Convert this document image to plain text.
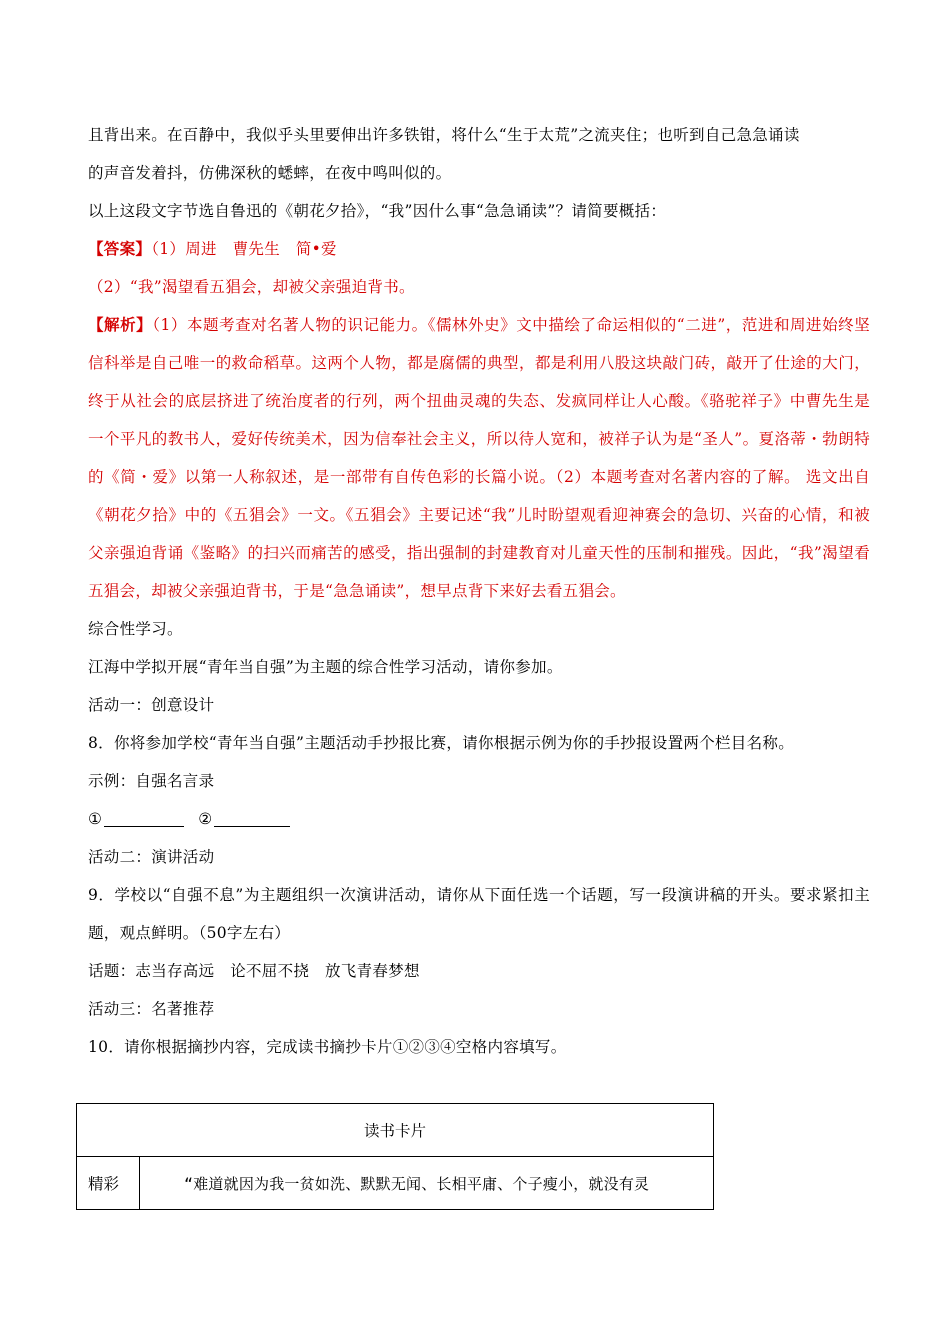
且背出来。在百静中，我似乎头里要伸出许多铁钳，将什么“生于太荒”之流夹住；也听到自己急急诵读

的声音发着抖，仿佛深秋的蟋蟀，在夜中鸣叫似的。

以上这段文字节选自鲁迅的《朝花夕拾》，“我”因什么事“急急诵读”？请简要概括：

【答案】（1）周进　曹先生　简•爱

（2）“我”渴望看五猖会，却被父亲强迫背书。

【解析】（1）本题考查对名著人物的识记能力。《儒林外史》文中描绘了命运相似的“二进”，范进和周进始终坚信科举是自己唯一的救命稻草。这两个人物，都是腐儒的典型，都是利用八股这块敲门砖，敲开了仕途的大门，终于从社会的底层挤进了统治度者的行列，两个扭曲灵魂的失态、发疯同样让人心酸。《骆驼祥子》中曹先生是一个平凡的教书人，爱好传统美术，因为信奉社会主义，所以待人宽和，被祥子认为是“圣人”。夏洛蒂・勃朗特的《简・爱》以第一人称叙述，是一部带有自传色彩的长篇小说。（2）本题考查对名著内容的了解。 选文出自《朝花夕拾》中的《五猖会》一文。《五猖会》主要记述“我”儿时盼望观看迎神赛会的急切、兴奋的心情，和被父亲强迫背诵《鉴略》的扫兴而痛苦的感受，指出强制的封建教育对儿童天性的压制和摧残。因此，“我”渴望看五猖会，却被父亲强迫背书，于是“急急诵读”，想早点背下来好去看五猖会。

综合性学习。

江海中学拟开展“青年当自强”为主题的综合性学习活动，请你参加。

活动一：创意设计

8．你将参加学校“青年当自强”主题活动手抄报比赛，请你根据示例为你的手抄报设置两个栏目名称。

示例：自强名言录

①	②

活动二：演讲活动

9．学校以“自强不息”为主题组织一次演讲活动，请你从下面任选一个话题，写一段演讲稿的开头。要求紧扣主题，观点鲜明。（50字左右）

话题：志当存高远　论不屈不挠　放飞青春梦想

活动三：名著推荐

10．请你根据摘抄内容，完成读书摘抄卡片①②③④空格内容填写。

读书卡片
精彩	“难道就因为我一贫如洗、默默无闻、长相平庸、个子瘦小，就没有灵
